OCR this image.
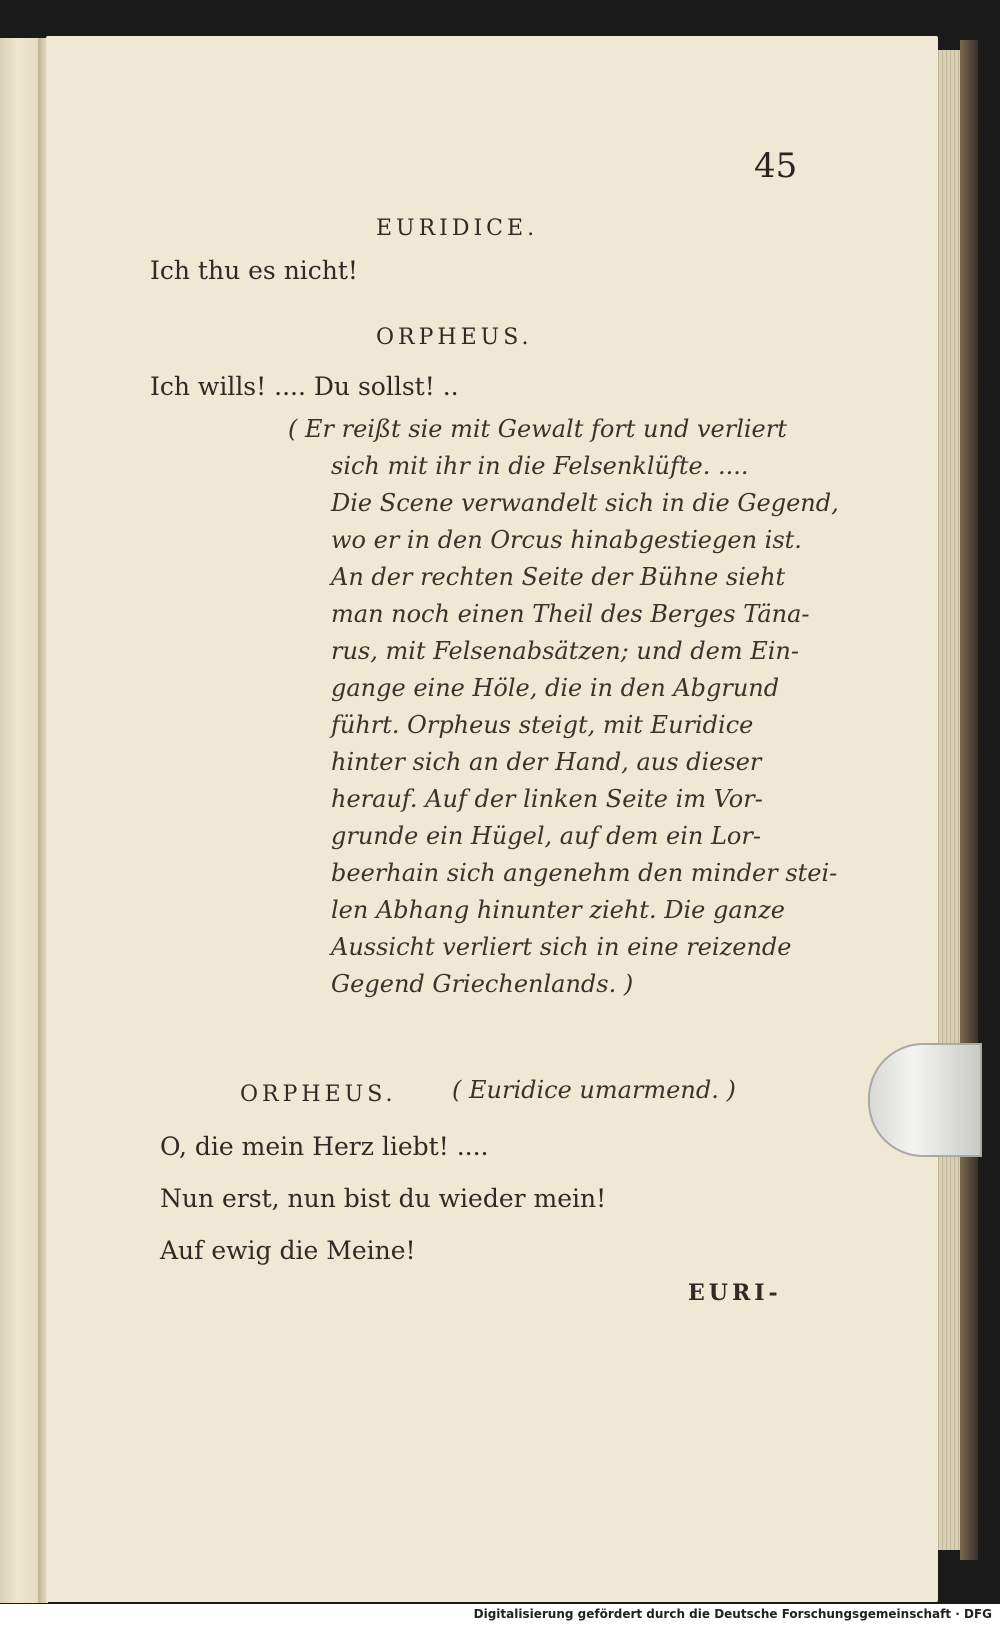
45
EURIDICE.
Ich thu es nicht!
ORPHEUS.
Ich wills! .... Du sollst! ..
( Er reißt sie mit Gewalt fort und verliert
sich mit ihr in die Felsenklüfte. ....
Die Scene verwandelt sich in die Gegend,
wo er in den Orcus hinabgestiegen ist.
An der rechten Seite der Bühne sieht
man noch einen Theil des Berges Täna-
rus, mit Felsenabsätzen; und dem Ein-
gange eine Höle, die in den Abgrund
führt. Orpheus steigt, mit Euridice
hinter sich an der Hand, aus dieser
herauf. Auf der linken Seite im Vor-
grunde ein Hügel, auf dem ein Lor-
beerhain sich angenehm den minder stei-
len Abhang hinunter zieht. Die ganze
Aussicht verliert sich in eine reizende
Gegend Griechenlands. )
ORPHEUS. ( Euridice umarmend. )
O, die mein Herz liebt! ....
Nun erst, nun bist du wieder mein!
Auf ewig die Meine!
EURI-
Digitalisierung gefördert durch die Deutsche Forschungsgemeinschaft · DFG
